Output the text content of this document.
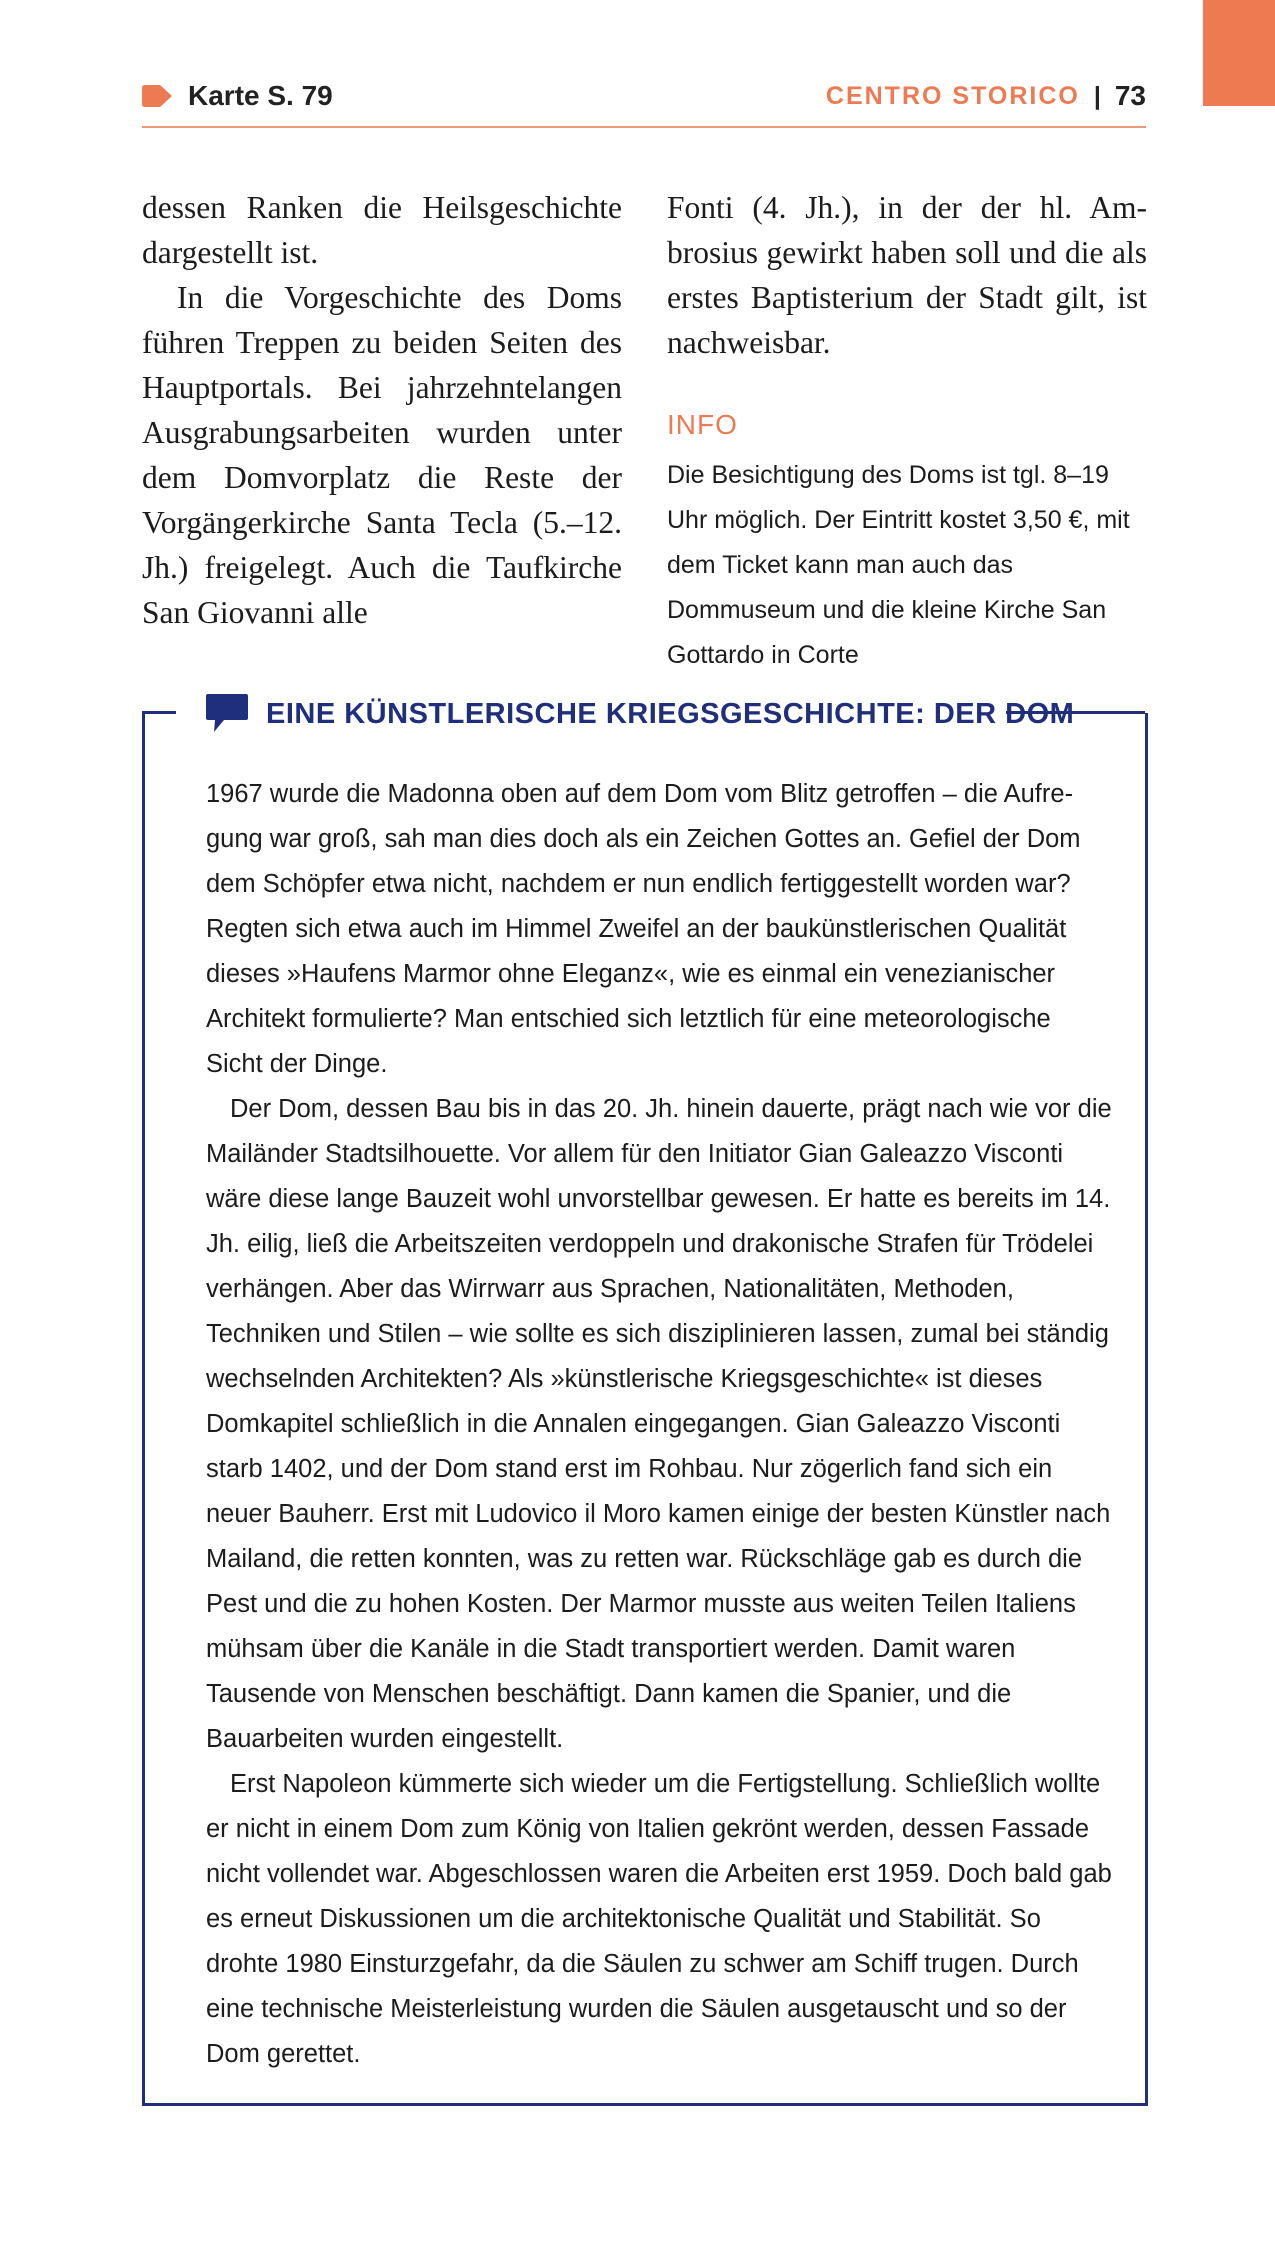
Karte S. 79	CENTRO STORICO | 73

dessen Ranken die Heilsgeschichte dargestellt ist.

In die Vorgeschichte des Doms führen Treppen zu beiden Seiten des Hauptportals. Bei jahrzehntelangen Ausgrabungsarbeiten wurden unter dem Domvorplatz die Reste der Vorgängerkirche Santa Tecla (5.–12. Jh.) freigelegt. Auch die Taufkirche San Giovanni alle

Fonti (4. Jh.), in der der hl. Ambrosius gewirkt haben soll und die als erstes Baptisterium der Stadt gilt, ist nachweisbar.

INFO

Die Besichtigung des Doms ist tgl. 8–19 Uhr möglich. Der Eintritt kostet 3,50 €, mit dem Ticket kann man auch das Dommuseum und die kleine Kirche San Gottardo in Corte

EINE KÜNSTLERISCHE KRIEGSGESCHICHTE: DER DOM

1967 wurde die Madonna oben auf dem Dom vom Blitz getroffen – die Aufregung war groß, sah man dies doch als ein Zeichen Gottes an. Gefiel der Dom dem Schöpfer etwa nicht, nachdem er nun endlich fertiggestellt worden war? Regten sich etwa auch im Himmel Zweifel an der baukünstlerischen Qualität dieses »Haufens Marmor ohne Eleganz«, wie es einmal ein venezianischer Architekt formulierte? Man entschied sich letztlich für eine meteorologische Sicht der Dinge.

Der Dom, dessen Bau bis in das 20. Jh. hinein dauerte, prägt nach wie vor die Mailänder Stadtsilhouette. Vor allem für den Initiator Gian Galeazzo Visconti wäre diese lange Bauzeit wohl unvorstellbar gewesen. Er hatte es bereits im 14. Jh. eilig, ließ die Arbeitszeiten verdoppeln und drakonische Strafen für Trödelei verhängen. Aber das Wirrwarr aus Sprachen, Nationalitäten, Methoden, Techniken und Stilen – wie sollte es sich disziplinieren lassen, zumal bei ständig wechselnden Architekten? Als »künstlerische Kriegsgeschichte« ist dieses Domkapitel schließlich in die Annalen eingegangen. Gian Galeazzo Visconti starb 1402, und der Dom stand erst im Rohbau. Nur zögerlich fand sich ein neuer Bauherr. Erst mit Ludovico il Moro kamen einige der besten Künstler nach Mailand, die retten konnten, was zu retten war. Rückschläge gab es durch die Pest und die zu hohen Kosten. Der Marmor musste aus weiten Teilen Italiens mühsam über die Kanäle in die Stadt transportiert werden. Damit waren Tausende von Menschen beschäftigt. Dann kamen die Spanier, und die Bauarbeiten wurden eingestellt.

Erst Napoleon kümmerte sich wieder um die Fertigstellung. Schließlich wollte er nicht in einem Dom zum König von Italien gekrönt werden, dessen Fassade nicht vollendet war. Abgeschlossen waren die Arbeiten erst 1959. Doch bald gab es erneut Diskussionen um die architektonische Qualität und Stabilität. So drohte 1980 Einsturzgefahr, da die Säulen zu schwer am Schiff trugen. Durch eine technische Meisterleistung wurden die Säulen ausgetauscht und so der Dom gerettet.
